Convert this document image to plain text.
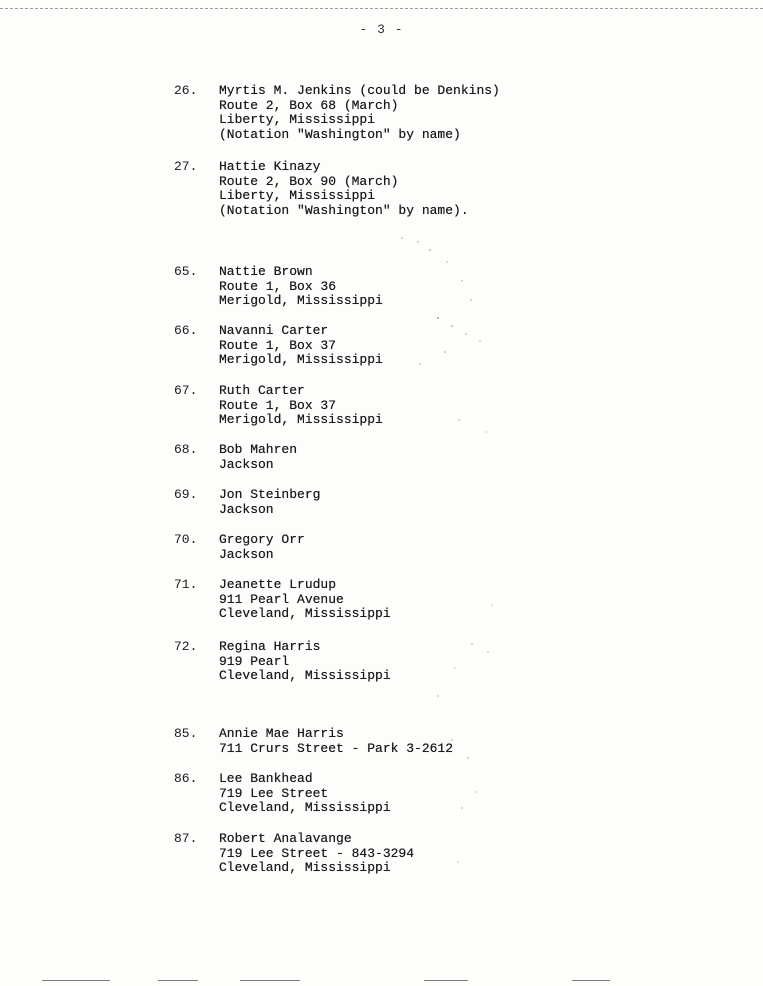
- 3 -
26.	Myrtis M. Jenkins (could be Denkins)
Route 2, Box 68 (March)
Liberty, Mississippi
(Notation "Washington" by name)
27.	Hattie Kinazy
Route 2, Box 90 (March)
Liberty, Mississippi
(Notation "Washington" by name).
65.	Nattie Brown
Route 1, Box 36
Merigold, Mississippi
66.	Navanni Carter
Route 1, Box 37
Merigold, Mississippi
67.	Ruth Carter
Route 1, Box 37
Merigold, Mississippi
68.	Bob Mahren
Jackson
69.	Jon Steinberg
Jackson
70.	Gregory Orr
Jackson
71.	Jeanette Lrudup
911 Pearl Avenue
Cleveland, Mississippi
72.	Regina Harris
919 Pearl
Cleveland, Mississippi
85.	Annie Mae Harris
711 Crurs Street - Park 3-2612
86.	Lee Bankhead
719 Lee Street
Cleveland, Mississippi
87.	Robert Analavange
719 Lee Street - 843-3294
Cleveland, Mississippi
